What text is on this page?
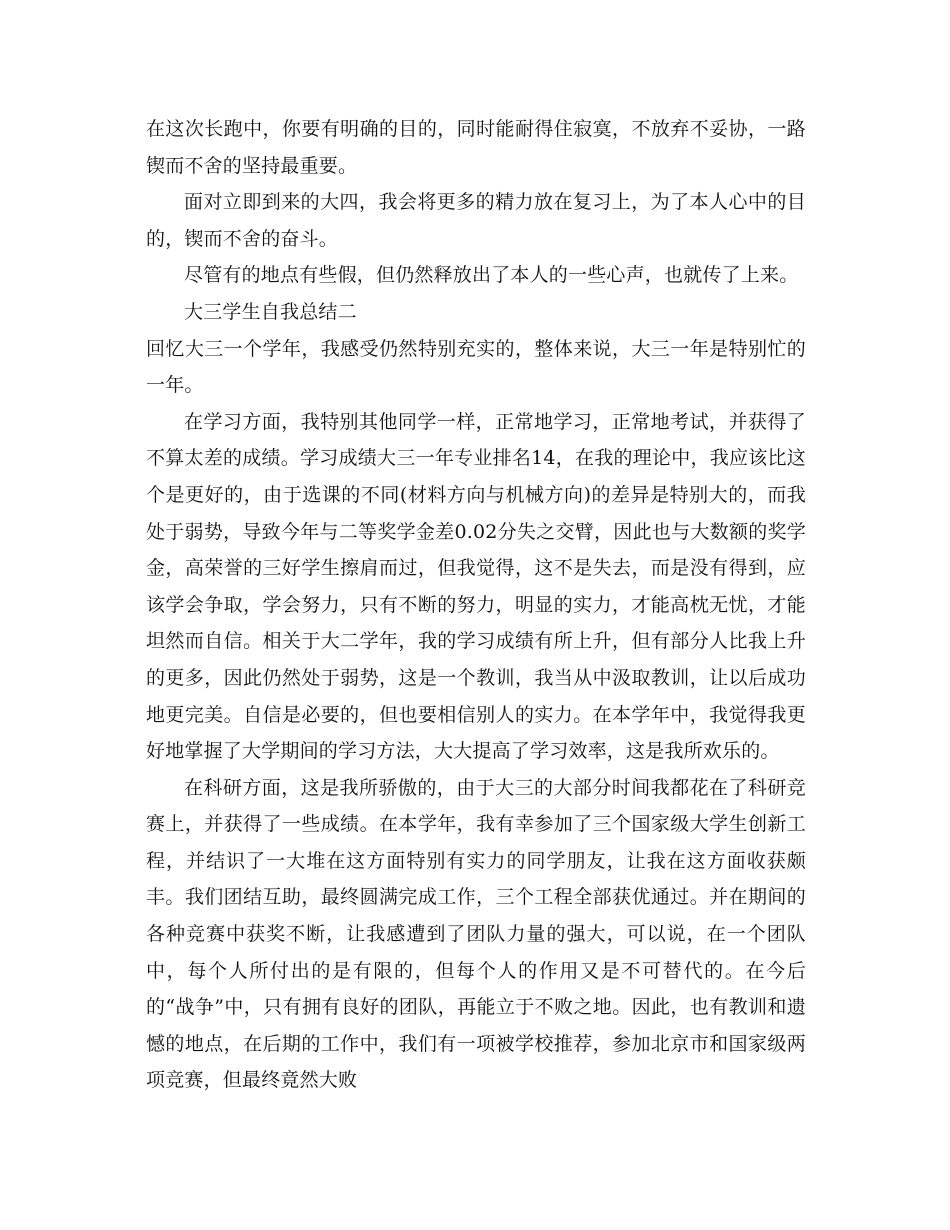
在这次长跑中，你要有明确的目的，同时能耐得住寂寞，不放弃不妥协，一路锲而不舍的坚持最重要。

面对立即到来的大四，我会将更多的精力放在复习上，为了本人心中的目的，锲而不舍的奋斗。

尽管有的地点有些假，但仍然释放出了本人的一些心声，也就传了上来。

大三学生自我总结二

回忆大三一个学年，我感受仍然特别充实的，整体来说，大三一年是特别忙的一年。

在学习方面，我特别其他同学一样，正常地学习，正常地考试，并获得了不算太差的成绩。学习成绩大三一年专业排名14，在我的理论中，我应该比这个是更好的，由于选课的不同(材料方向与机械方向)的差异是特别大的，而我处于弱势，导致今年与二等奖学金差0.02分失之交臂，因此也与大数额的奖学金，高荣誉的三好学生擦肩而过，但我觉得，这不是失去，而是没有得到，应该学会争取，学会努力，只有不断的努力，明显的实力，才能高枕无忧，才能坦然而自信。相关于大二学年，我的学习成绩有所上升，但有部分人比我上升的更多，因此仍然处于弱势，这是一个教训，我当从中汲取教训，让以后成功地更完美。自信是必要的，但也要相信别人的实力。在本学年中，我觉得我更好地掌握了大学期间的学习方法，大大提高了学习效率，这是我所欢乐的。

在科研方面，这是我所骄傲的，由于大三的大部分时间我都花在了科研竞赛上，并获得了一些成绩。在本学年，我有幸参加了三个国家级大学生创新工程，并结识了一大堆在这方面特别有实力的同学朋友，让我在这方面收获颇丰。我们团结互助，最终圆满完成工作，三个工程全部获优通过。并在期间的各种竞赛中获奖不断，让我感遭到了团队力量的强大，可以说，在一个团队中，每个人所付出的是有限的，但每个人的作用又是不可替代的。在今后的“战争”中，只有拥有良好的团队，再能立于不败之地。因此，也有教训和遗憾的地点，在后期的工作中，我们有一项被学校推荐，参加北京市和国家级两项竞赛，但最终竟然大败
